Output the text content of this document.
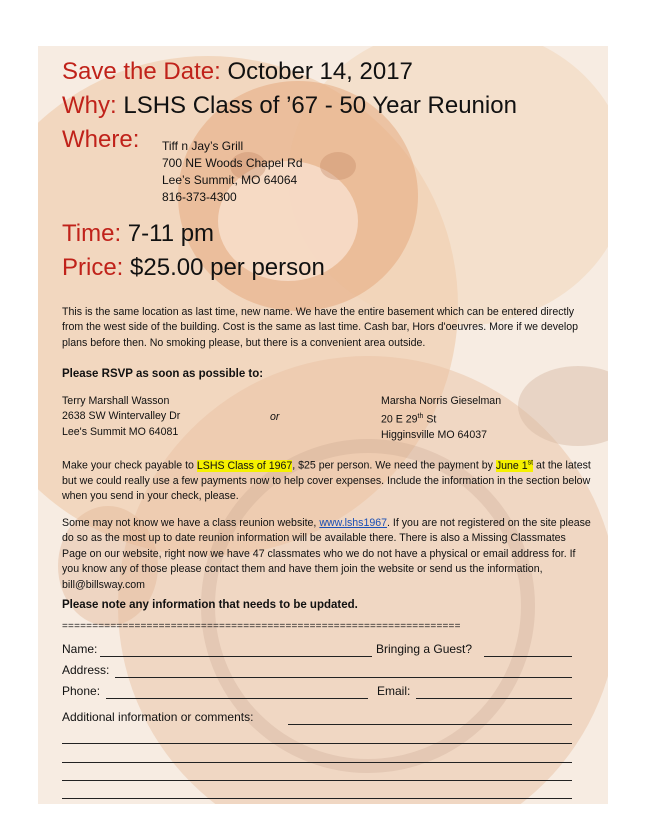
Save the Date: October 14, 2017
Why: LSHS Class of ’67 - 50 Year Reunion
Where: Tiff n Jay’s Grill
700 NE Woods Chapel Rd
Lee’s Summit, MO 64064
816-373-4300
Time: 7-11 pm
Price: $25.00 per person
This is the same location as last time, new name. We have the entire basement which can be entered directly from the west side of the building. Cost is the same as last time. Cash bar, Hors d'oeuvres. More if we develop plans before then. No smoking please, but there is a convenient area outside.
Please RSVP as soon as possible to:
Terry Marshall Wasson
2638 SW Wintervalley Dr
Lee's Summit MO 64081
or
Marsha Norris Gieselman
20 E 29th St
Higginsville MO 64037
Make your check payable to LSHS Class of 1967, $25 per person. We need the payment by June 1st at the latest but we could really use a few payments now to help cover expenses. Include the information in the section below when you send in your check, please.
Some may not know we have a class reunion website, www.lshs1967. If you are not registered on the site please do so as the most up to date reunion information will be available there. There is also a Missing Classmates Page on our website, right now we have 47 classmates who we do not have a physical or email address for. If you know any of those please contact them and have them join the website or send us the information, bill@billsway.com
Please note any information that needs to be updated.
==================================================================
Name:	Bringing a Guest?
Address:
Phone:	Email:
Additional information or comments:
